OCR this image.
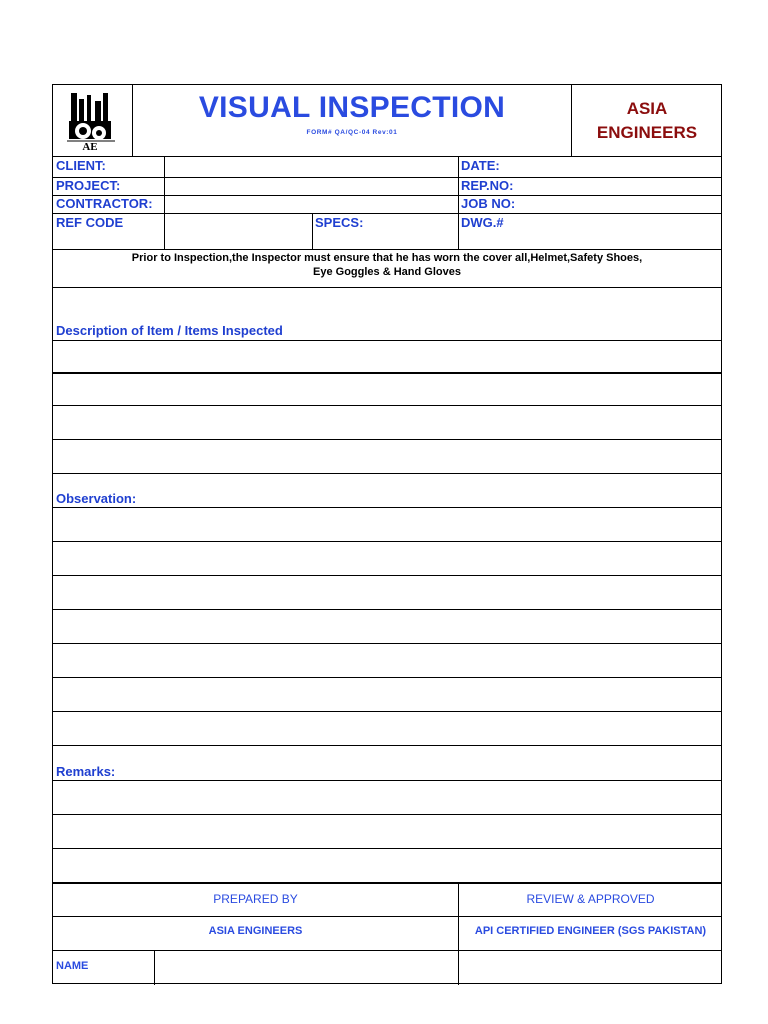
AE
VISUAL INSPECTION
FORM# QA/QC-04 Rev:01
ASIA
ENGINEERS
CLIENT:	DATE:
PROJECT:	REP.NO:
CONTRACTOR:	JOB NO:
REF CODE	SPECS:	DWG.#
Prior to Inspection,the Inspector must ensure that he has worn the cover all,Helmet,Safety Shoes,
Eye Goggles & Hand Gloves
Description of Item / Items Inspected
Observation:
Remarks:
PREPARED BY	REVIEW & APPROVED
ASIA ENGINEERS	API CERTIFIED ENGINEER (SGS PAKISTAN)
NAME
